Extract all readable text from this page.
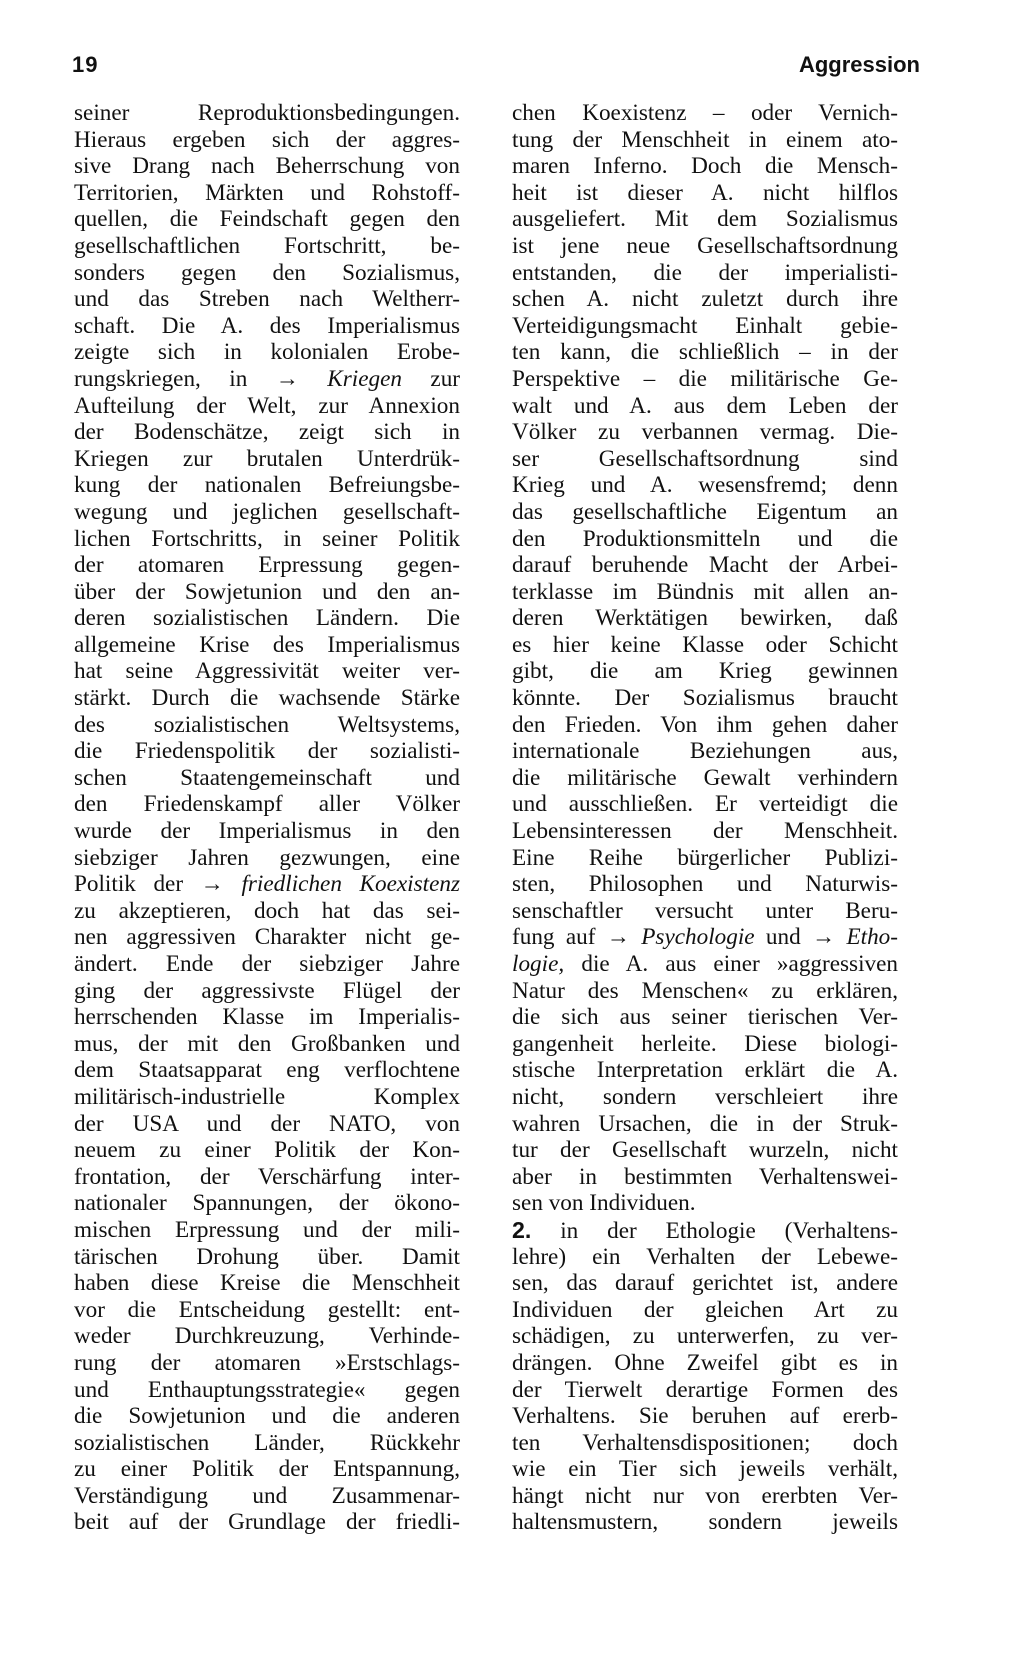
19	Aggression
seiner Reproduktionsbedingungen.
Hieraus ergeben sich der aggres-
sive Drang nach Beherrschung von
Territorien, Märkten und Rohstoff-
quellen, die Feindschaft gegen den
gesellschaftlichen Fortschritt, be-
sonders gegen den Sozialismus,
und das Streben nach Weltherr-
schaft. Die A. des Imperialismus
zeigte sich in kolonialen Erobe-
rungskriegen, in → Kriegen zur
Aufteilung der Welt, zur Annexion
der Bodenschätze, zeigt sich in
Kriegen zur brutalen Unterdrük-
kung der nationalen Befreiungsbe-
wegung und jeglichen gesellschaft-
lichen Fortschritts, in seiner Politik
der atomaren Erpressung gegen-
über der Sowjetunion und den an-
deren sozialistischen Ländern. Die
allgemeine Krise des Imperialismus
hat seine Aggressivität weiter ver-
stärkt. Durch die wachsende Stärke
des sozialistischen Weltsystems,
die Friedenspolitik der sozialisti-
schen Staatengemeinschaft und
den Friedenskampf aller Völker
wurde der Imperialismus in den
siebziger Jahren gezwungen, eine
Politik der → friedlichen Koexistenz
zu akzeptieren, doch hat das sei-
nen aggressiven Charakter nicht ge-
ändert. Ende der siebziger Jahre
ging der aggressivste Flügel der
herrschenden Klasse im Imperialis-
mus, der mit den Großbanken und
dem Staatsapparat eng verflochtene
militärisch-industrielle Komplex
der USA und der NATO, von
neuem zu einer Politik der Kon-
frontation, der Verschärfung inter-
nationaler Spannungen, der ökono-
mischen Erpressung und der mili-
tärischen Drohung über. Damit
haben diese Kreise die Menschheit
vor die Entscheidung gestellt: ent-
weder Durchkreuzung, Verhinde-
rung der atomaren »Erstschlags-
und Enthauptungsstrategie« gegen
die Sowjetunion und die anderen
sozialistischen Länder, Rückkehr
zu einer Politik der Entspannung,
Verständigung und Zusammenar-
beit auf der Grundlage der friedli-
chen Koexistenz – oder Vernich-
tung der Menschheit in einem ato-
maren Inferno. Doch die Mensch-
heit ist dieser A. nicht hilflos
ausgeliefert. Mit dem Sozialismus
ist jene neue Gesellschaftsordnung
entstanden, die der imperialisti-
schen A. nicht zuletzt durch ihre
Verteidigungsmacht Einhalt gebie-
ten kann, die schließlich – in der
Perspektive – die militärische Ge-
walt und A. aus dem Leben der
Völker zu verbannen vermag. Die-
ser Gesellschaftsordnung sind
Krieg und A. wesensfremd; denn
das gesellschaftliche Eigentum an
den Produktionsmitteln und die
darauf beruhende Macht der Arbei-
terklasse im Bündnis mit allen an-
deren Werktätigen bewirken, daß
es hier keine Klasse oder Schicht
gibt, die am Krieg gewinnen
könnte. Der Sozialismus braucht
den Frieden. Von ihm gehen daher
internationale Beziehungen aus,
die militärische Gewalt verhindern
und ausschließen. Er verteidigt die
Lebensinteressen der Menschheit.
Eine Reihe bürgerlicher Publizi-
sten, Philosophen und Naturwis-
senschaftler versucht unter Beru-
fung auf → Psychologie und → Etho-
logie, die A. aus einer »aggressiven
Natur des Menschen« zu erklären,
die sich aus seiner tierischen Ver-
gangenheit herleite. Diese biologi-
stische Interpretation erklärt die A.
nicht, sondern verschleiert ihre
wahren Ursachen, die in der Struk-
tur der Gesellschaft wurzeln, nicht
aber in bestimmten Verhaltenswei-
sen von Individuen.
2. in der Ethologie (Verhaltens-
lehre) ein Verhalten der Lebewe-
sen, das darauf gerichtet ist, andere
Individuen der gleichen Art zu
schädigen, zu unterwerfen, zu ver-
drängen. Ohne Zweifel gibt es in
der Tierwelt derartige Formen des
Verhaltens. Sie beruhen auf ererb-
ten Verhaltensdispositionen; doch
wie ein Tier sich jeweils verhält,
hängt nicht nur von ererbten Ver-
haltensmustern, sondern jeweils
